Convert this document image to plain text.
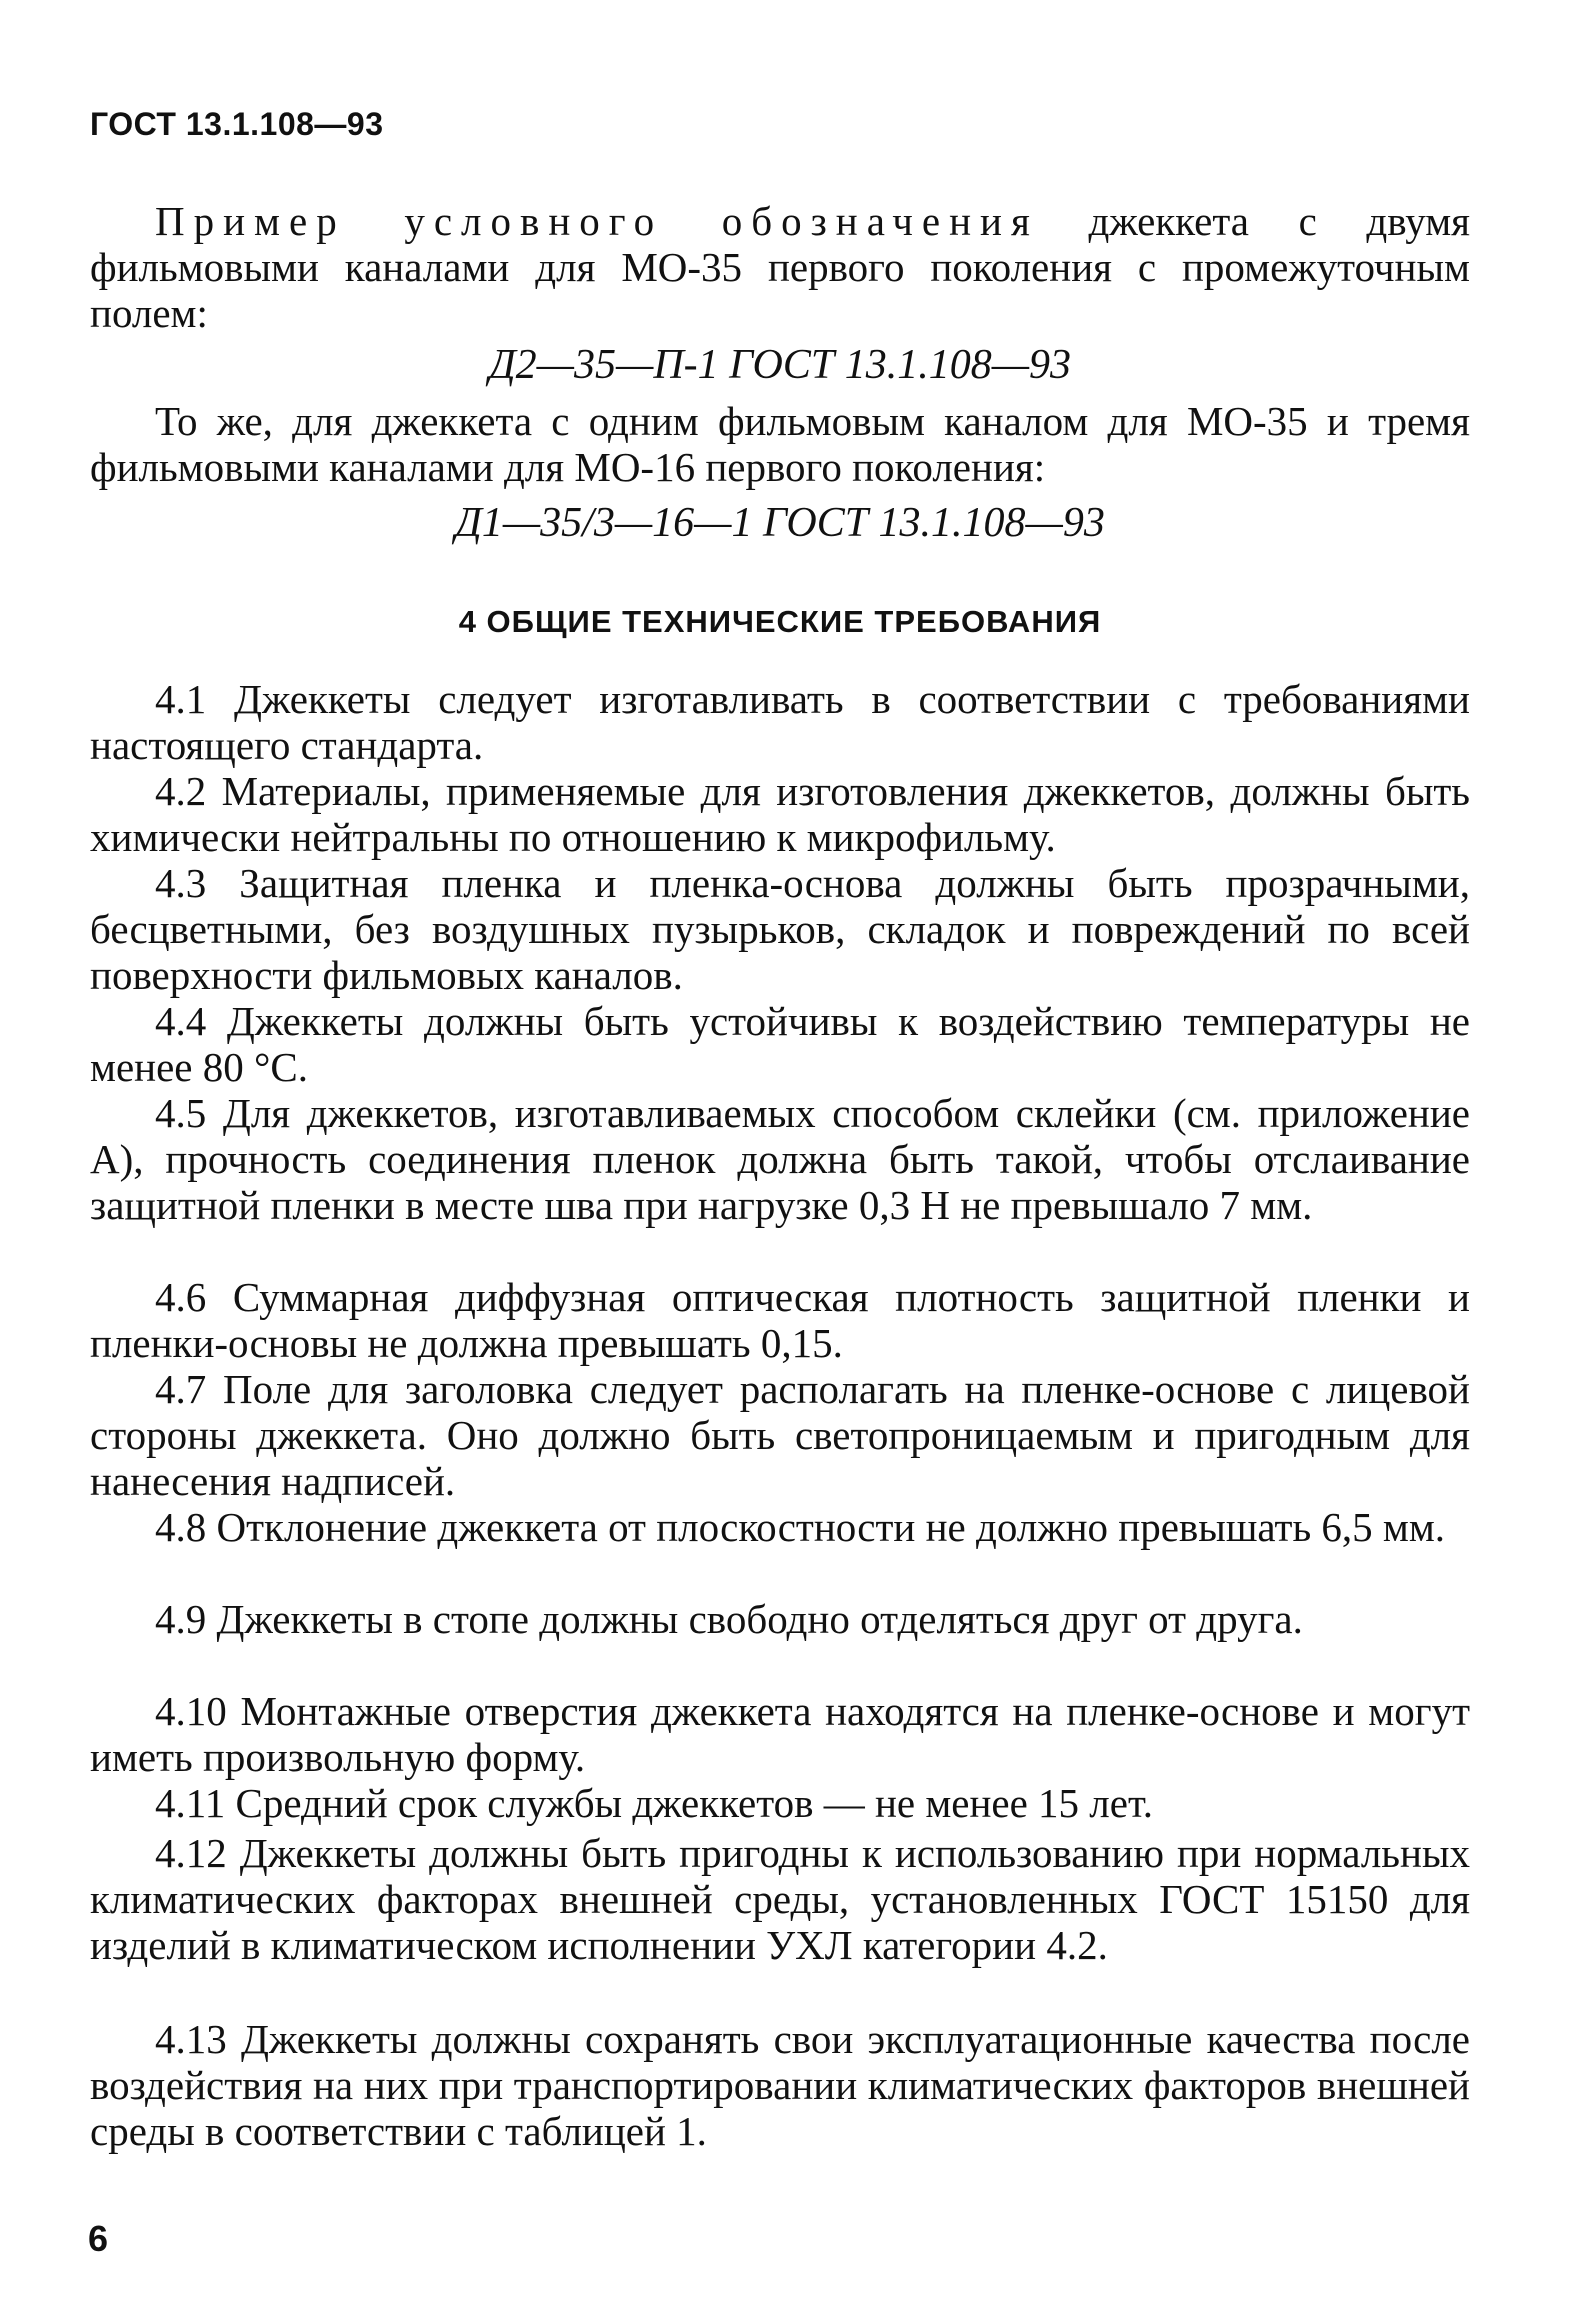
ГОСТ 13.1.108—93

Пример условного обозначения джеккета с двумя фильмовыми каналами для МО-35 первого поколения с промежуточным полем:

Д2—35—П-1 ГОСТ 13.1.108—93

То же, для джеккета с одним фильмовым каналом для МО-35 и тремя фильмовыми каналами для МО-16 первого поколения:

Д1—35/3—16—1 ГОСТ 13.1.108—93

4 ОБЩИЕ ТЕХНИЧЕСКИЕ ТРЕБОВАНИЯ

4.1 Джеккеты следует изготавливать в соответствии с требованиями настоящего стандарта.

4.2 Материалы, применяемые для изготовления джеккетов, должны быть химически нейтральны по отношению к микрофильму.

4.3 Защитная пленка и пленка-основа должны быть прозрачными, бесцветными, без воздушных пузырьков, складок и повреждений по всей поверхности фильмовых каналов.

4.4 Джеккеты должны быть устойчивы к воздействию температуры не менее 80 °С.

4.5 Для джеккетов, изготавливаемых способом склейки (см. приложение А), прочность соединения пленок должна быть такой, чтобы отслаивание защитной пленки в месте шва при нагрузке 0,3 Н не превышало 7 мм.

4.6 Суммарная диффузная оптическая плотность защитной пленки и пленки-основы не должна превышать 0,15.

4.7 Поле для заголовка следует располагать на пленке-основе с лицевой стороны джеккета. Оно должно быть светопроницаемым и пригодным для нанесения надписей.

4.8 Отклонение джеккета от плоскостности не должно превышать 6,5 мм.

4.9 Джеккеты в стопе должны свободно отделяться друг от друга.

4.10 Монтажные отверстия джеккета находятся на пленке-основе и могут иметь произвольную форму.

4.11 Средний срок службы джеккетов — не менее 15 лет.

4.12 Джеккеты должны быть пригодны к использованию при нормальных климатических факторах внешней среды, установленных ГОСТ 15150 для изделий в климатическом исполнении УХЛ категории 4.2.

4.13 Джеккеты должны сохранять свои эксплуатационные качества после воздействия на них при транспортировании климатических факторов внешней среды в соответствии с таблицей 1.

6
